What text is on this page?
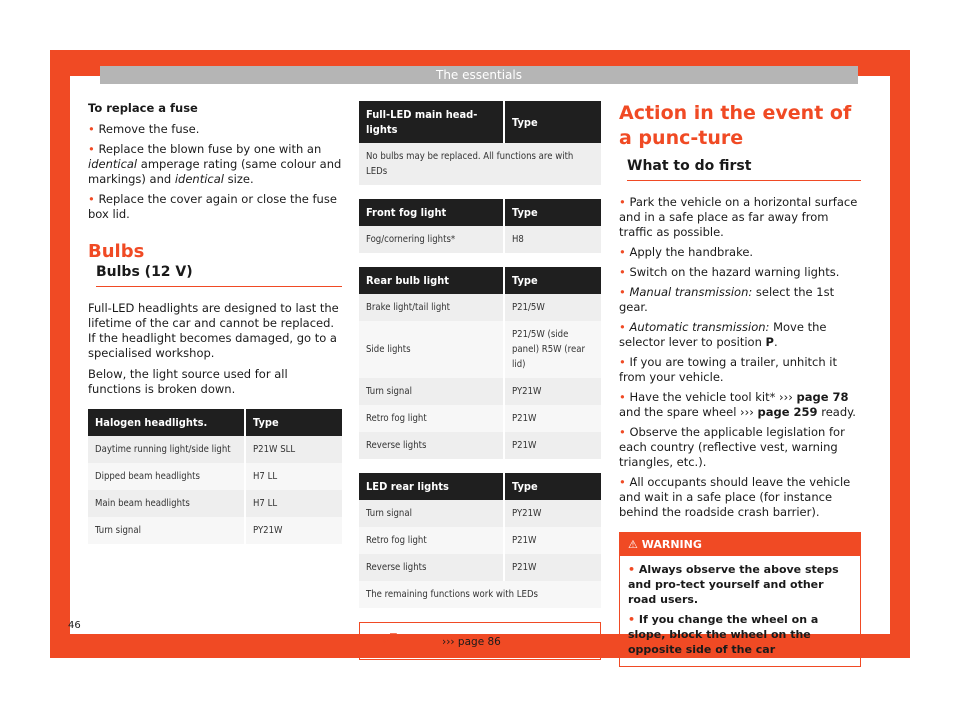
The essentials

To replace a fuse

• Remove the fuse.

• Replace the blown fuse by one with an identical amperage rating (same colour and markings) and identical size.

• Replace the cover again or close the fuse box lid.

Bulbs
Bulbs (12 V)

Full-LED headlights are designed to last the lifetime of the car and cannot be replaced. If the headlight becomes damaged, go to a specialised workshop.

Below, the light source used for all functions is broken down.

Halogen headlights.	Type
Daytime running light/side light	P21W SLL
Dipped beam headlights	H7 LL
Main beam headlights	H7 LL
Turn signal	PY21W
Full-LED main head-lights	Type
No bulbs may be replaced. All functions are with LEDs
Front fog light	Type
Fog/cornering lights*	H8
Rear bulb light	Type
Brake light/tail light	P21/5W
Side lights	P21/5W (side panel) R5W (rear lid)
Turn signal	PY21W
Retro fog light	P21W
Reverse lights	P21W
LED rear lights	Type
Turn signal	PY21W
Retro fog light	P21W
Reverse lights	P21W
The remaining functions work with LEDs	
››› page 86
Action in the event of a punc-ture
What to do first

• Park the vehicle on a horizontal surface and in a safe place as far away from traffic as possible.

• Apply the handbrake.

• Switch on the hazard warning lights.

• Manual transmission: select the 1st gear.

• Automatic transmission: Move the selector lever to position P.

• If you are towing a trailer, unhitch it from your vehicle.

• Have the vehicle tool kit* ››› page 78 and the spare wheel ››› page 259 ready.

• Observe the applicable legislation for each country (reflective vest, warning triangles, etc.).

• All occupants should leave the vehicle and wait in a safe place (for instance behind the roadside crash barrier).

⚠ WARNING

• Always observe the above steps and pro-tect yourself and other road users.

• If you change the wheel on a slope, block the wheel on the opposite side of the car

46
